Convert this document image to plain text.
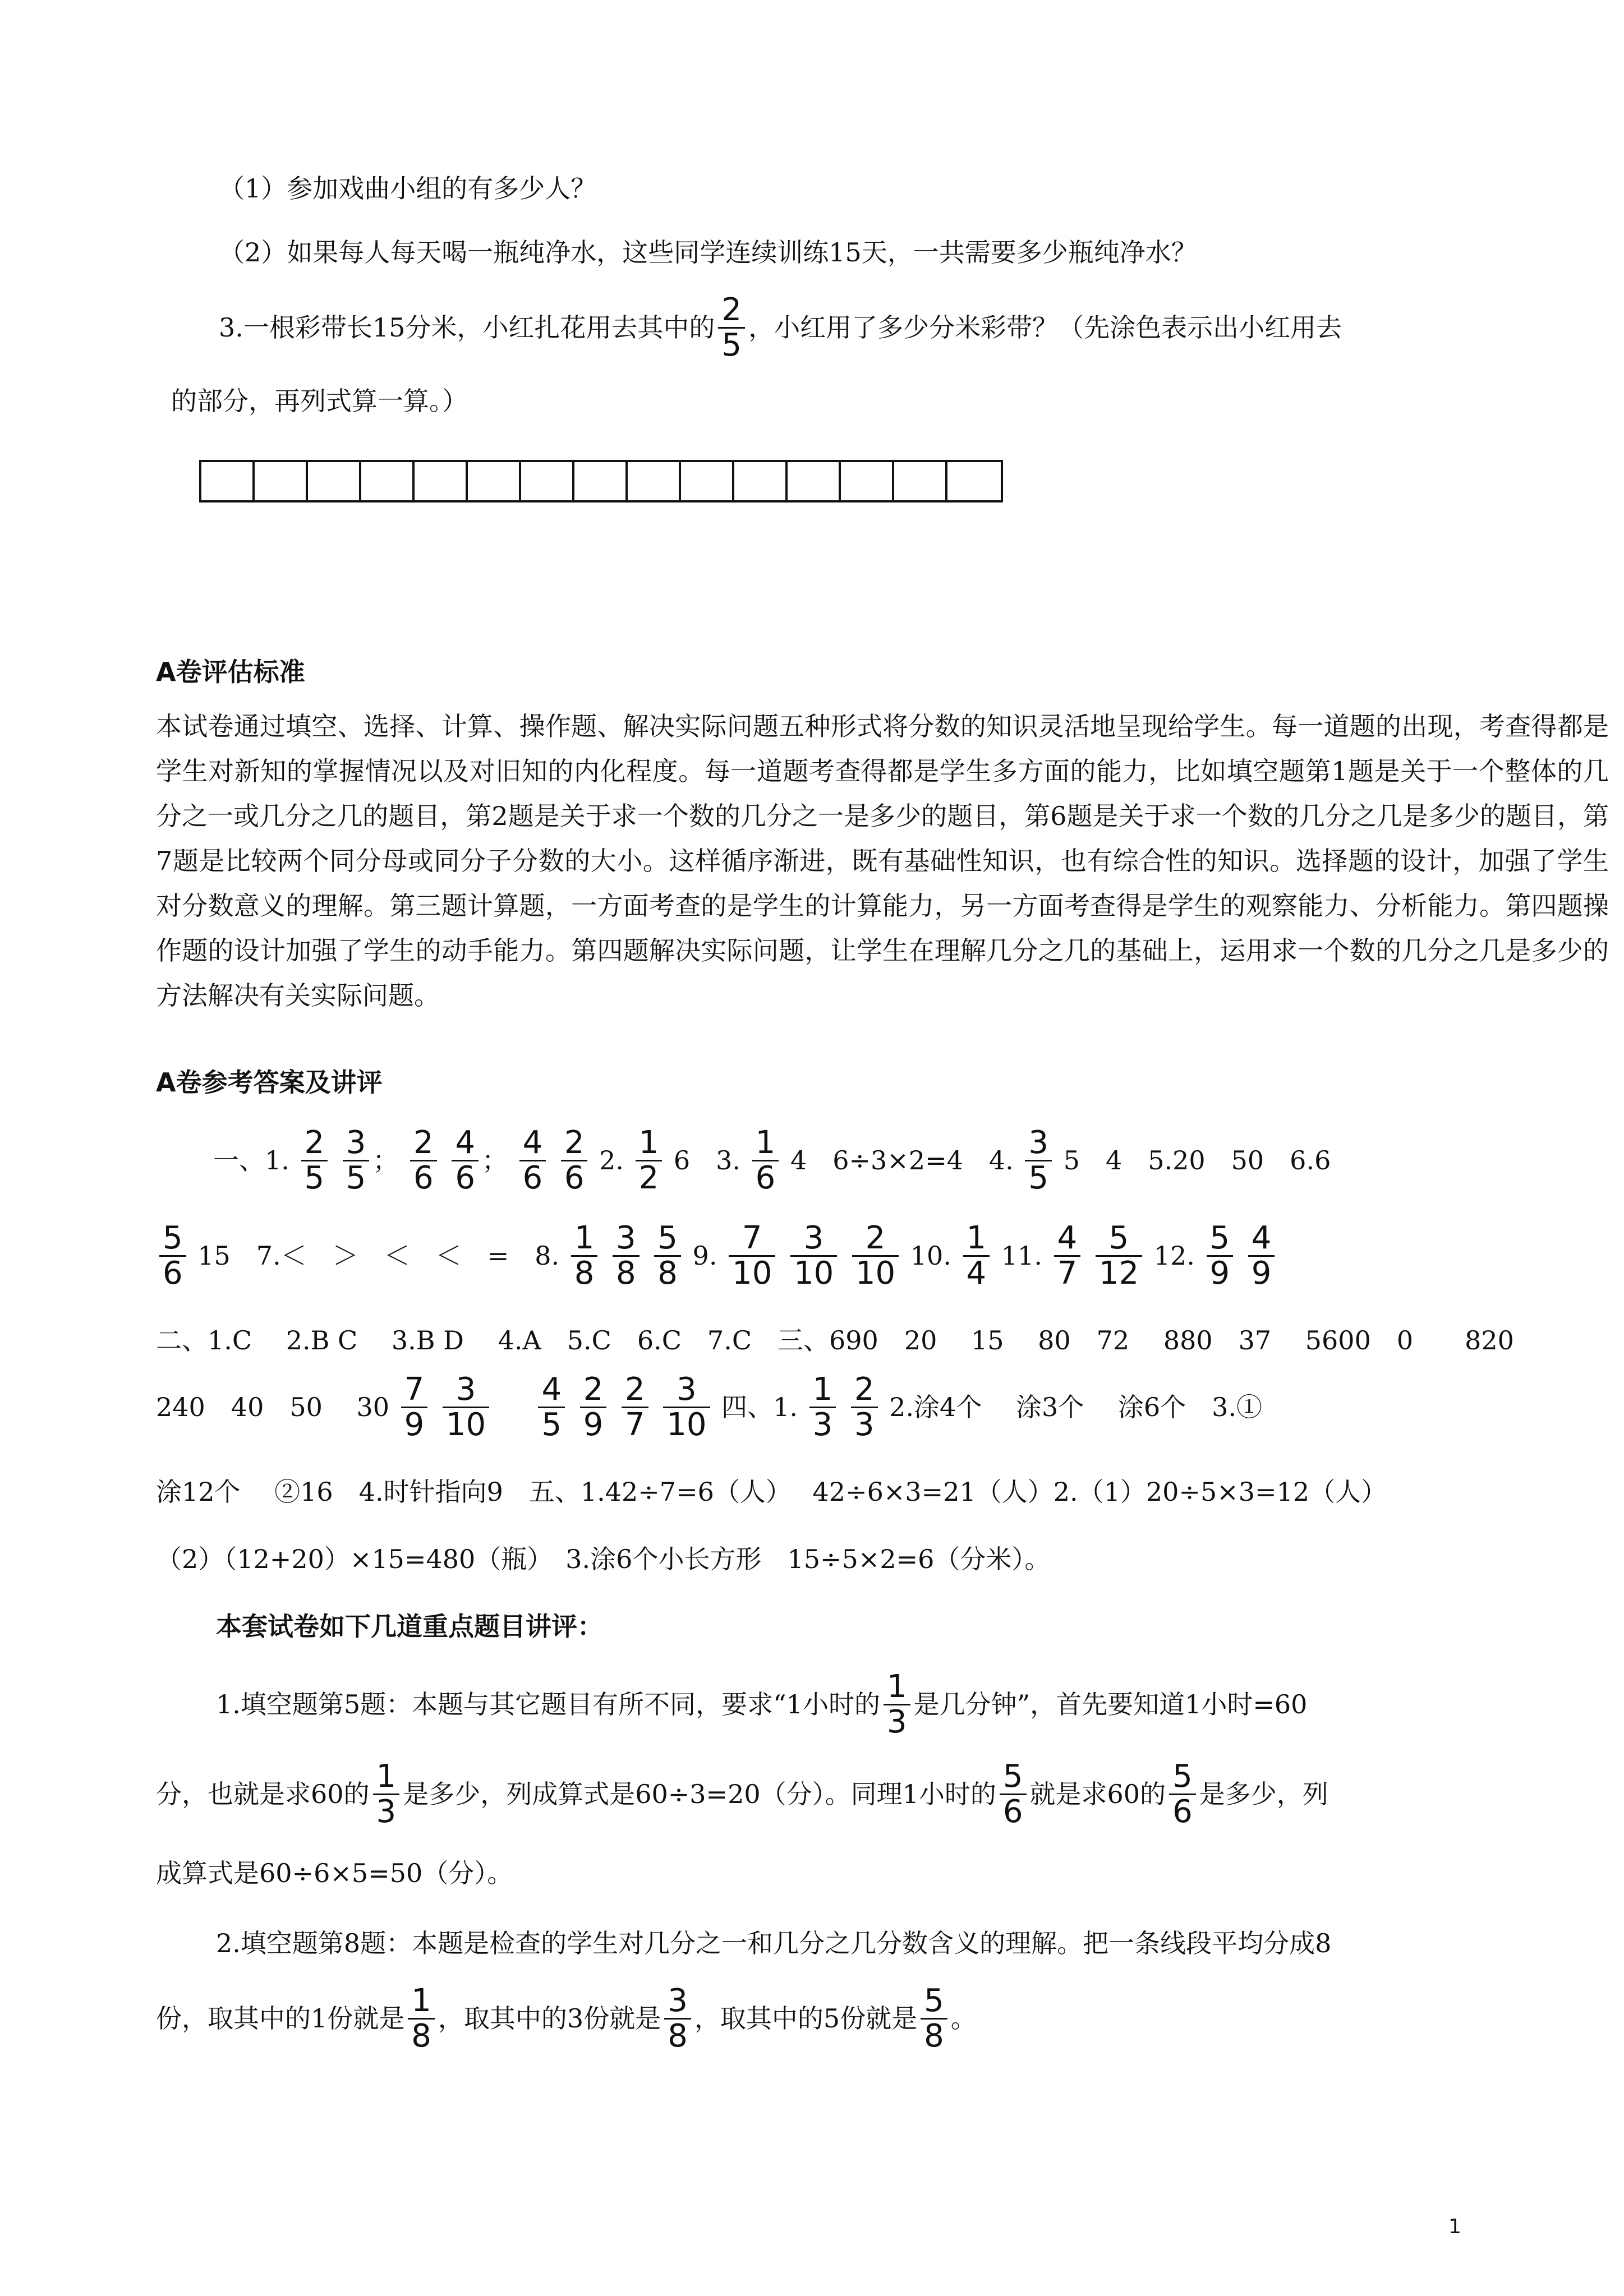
（1）参加戏曲小组的有多少人？
（2）如果每人每天喝一瓶纯净水，这些同学连续训练15天，一共需要多少瓶纯净水？
3.一根彩带长15分米，小红扎花用去其中的 $\frac{2}{5}$ ，小红用了多少分米彩带？（先涂色表示出小红用去
的部分，再列式算一算。）
A卷评估标准
本试卷通过填空、选择、计算、操作题、解决实际问题五种形式将分数的知识灵活地呈现给学生。每一道题的出现，考查得都是学生对新知的掌握情况以及对旧知的内化程度。每一道题考查得都是学生多方面的能力，比如填空题第1题是关于一个整体的几分之一或几分之几的题目，第2题是关于求一个数的几分之一是多少的题目，第6题是关于求一个数的几分之几是多少的题目，第7题是比较两个同分母或同分子分数的大小。这样循序渐进，既有基础性知识，也有综合性的知识。选择题的设计，加强了学生对分数意义的理解。第三题计算题，一方面考查的是学生的计算能力，另一方面考查得是学生的观察能力、分析能力。第四题操作题的设计加强了学生的动手能力。第四题解决实际问题，让学生在理解几分之几的基础上，运用求一个数的几分之几是多少的方法解决有关实际问题。
A卷参考答案及讲评
一、1. $\frac{2}{5}$
$\frac{3}{5}$ ； $\frac{2}{6}$
$\frac{4}{6}$ ； $\frac{4}{6}$
$\frac{2}{6} 2$. $\frac{1}{2} 6$　3. $\frac{1}{6} 4$　6÷3×2=4　4. $\frac{3}{5} 5$　4　5.20　50　6.6
$\frac{5}{6} 15$　7.＜　＞　＜　＜　=　8. $\frac{1}{8}$
$\frac{3}{8}$
$\frac{5}{8} 9$. $\frac{7}{10}$
$\frac{3}{10}$
$\frac{2}{10} 10$. $\frac{1}{4} 11$. $\frac{4}{7}$
$\frac{5}{12} 12$. $\frac{5}{9}$
$\frac{4}{9}$
二、1.C　 2.B C　 3.B D　 4.A　5.C　6.C　7.C　三、690　20　 15　 80　72　 880　37　 5600　0　　820
240　40　50　 $30 \frac{7}{9}$
$\frac{3}{10}$
　 $\frac{4}{5}$
$\frac{2}{9}$
$\frac{2}{7}$
$\frac{3}{10}$ 四、1. $\frac{1}{3}$
$\frac{2}{3} 2$.涂4个　 涂3个　 涂6个　3.①
涂12个　 ②16　4.时针指向9　五、1.42÷7=6（人）　 42÷6×3=21（人）2.（1）20÷5×3=12（人）
（2）（12+20）×15=480（瓶）　3.涂6个小长方形　15÷5×2=6（分米）。
本套试卷如下几道重点题目讲评：
1.填空题第5题：本题与其它题目有所不同，要求“1小时的 $\frac{1}{3}$ 是几分钟”，首先要知道1小时=60
分，也就是求60的 $\frac{1}{3}$ 是多少，列成算式是60÷3=20（分）。同理1小时的 $\frac{5}{6}$ 就是求60的 $\frac{5}{6}$ 是多少，列
成算式是60÷6×5=50（分）。
2.填空题第8题：本题是检查的学生对几分之一和几分之几分数含义的理解。把一条线段平均分成8
份，取其中的1份就是 $\frac{1}{8}$ ，取其中的3份就是 $\frac{3}{8}$ ，取其中的5份就是 $\frac{5}{8}$ 。
1
